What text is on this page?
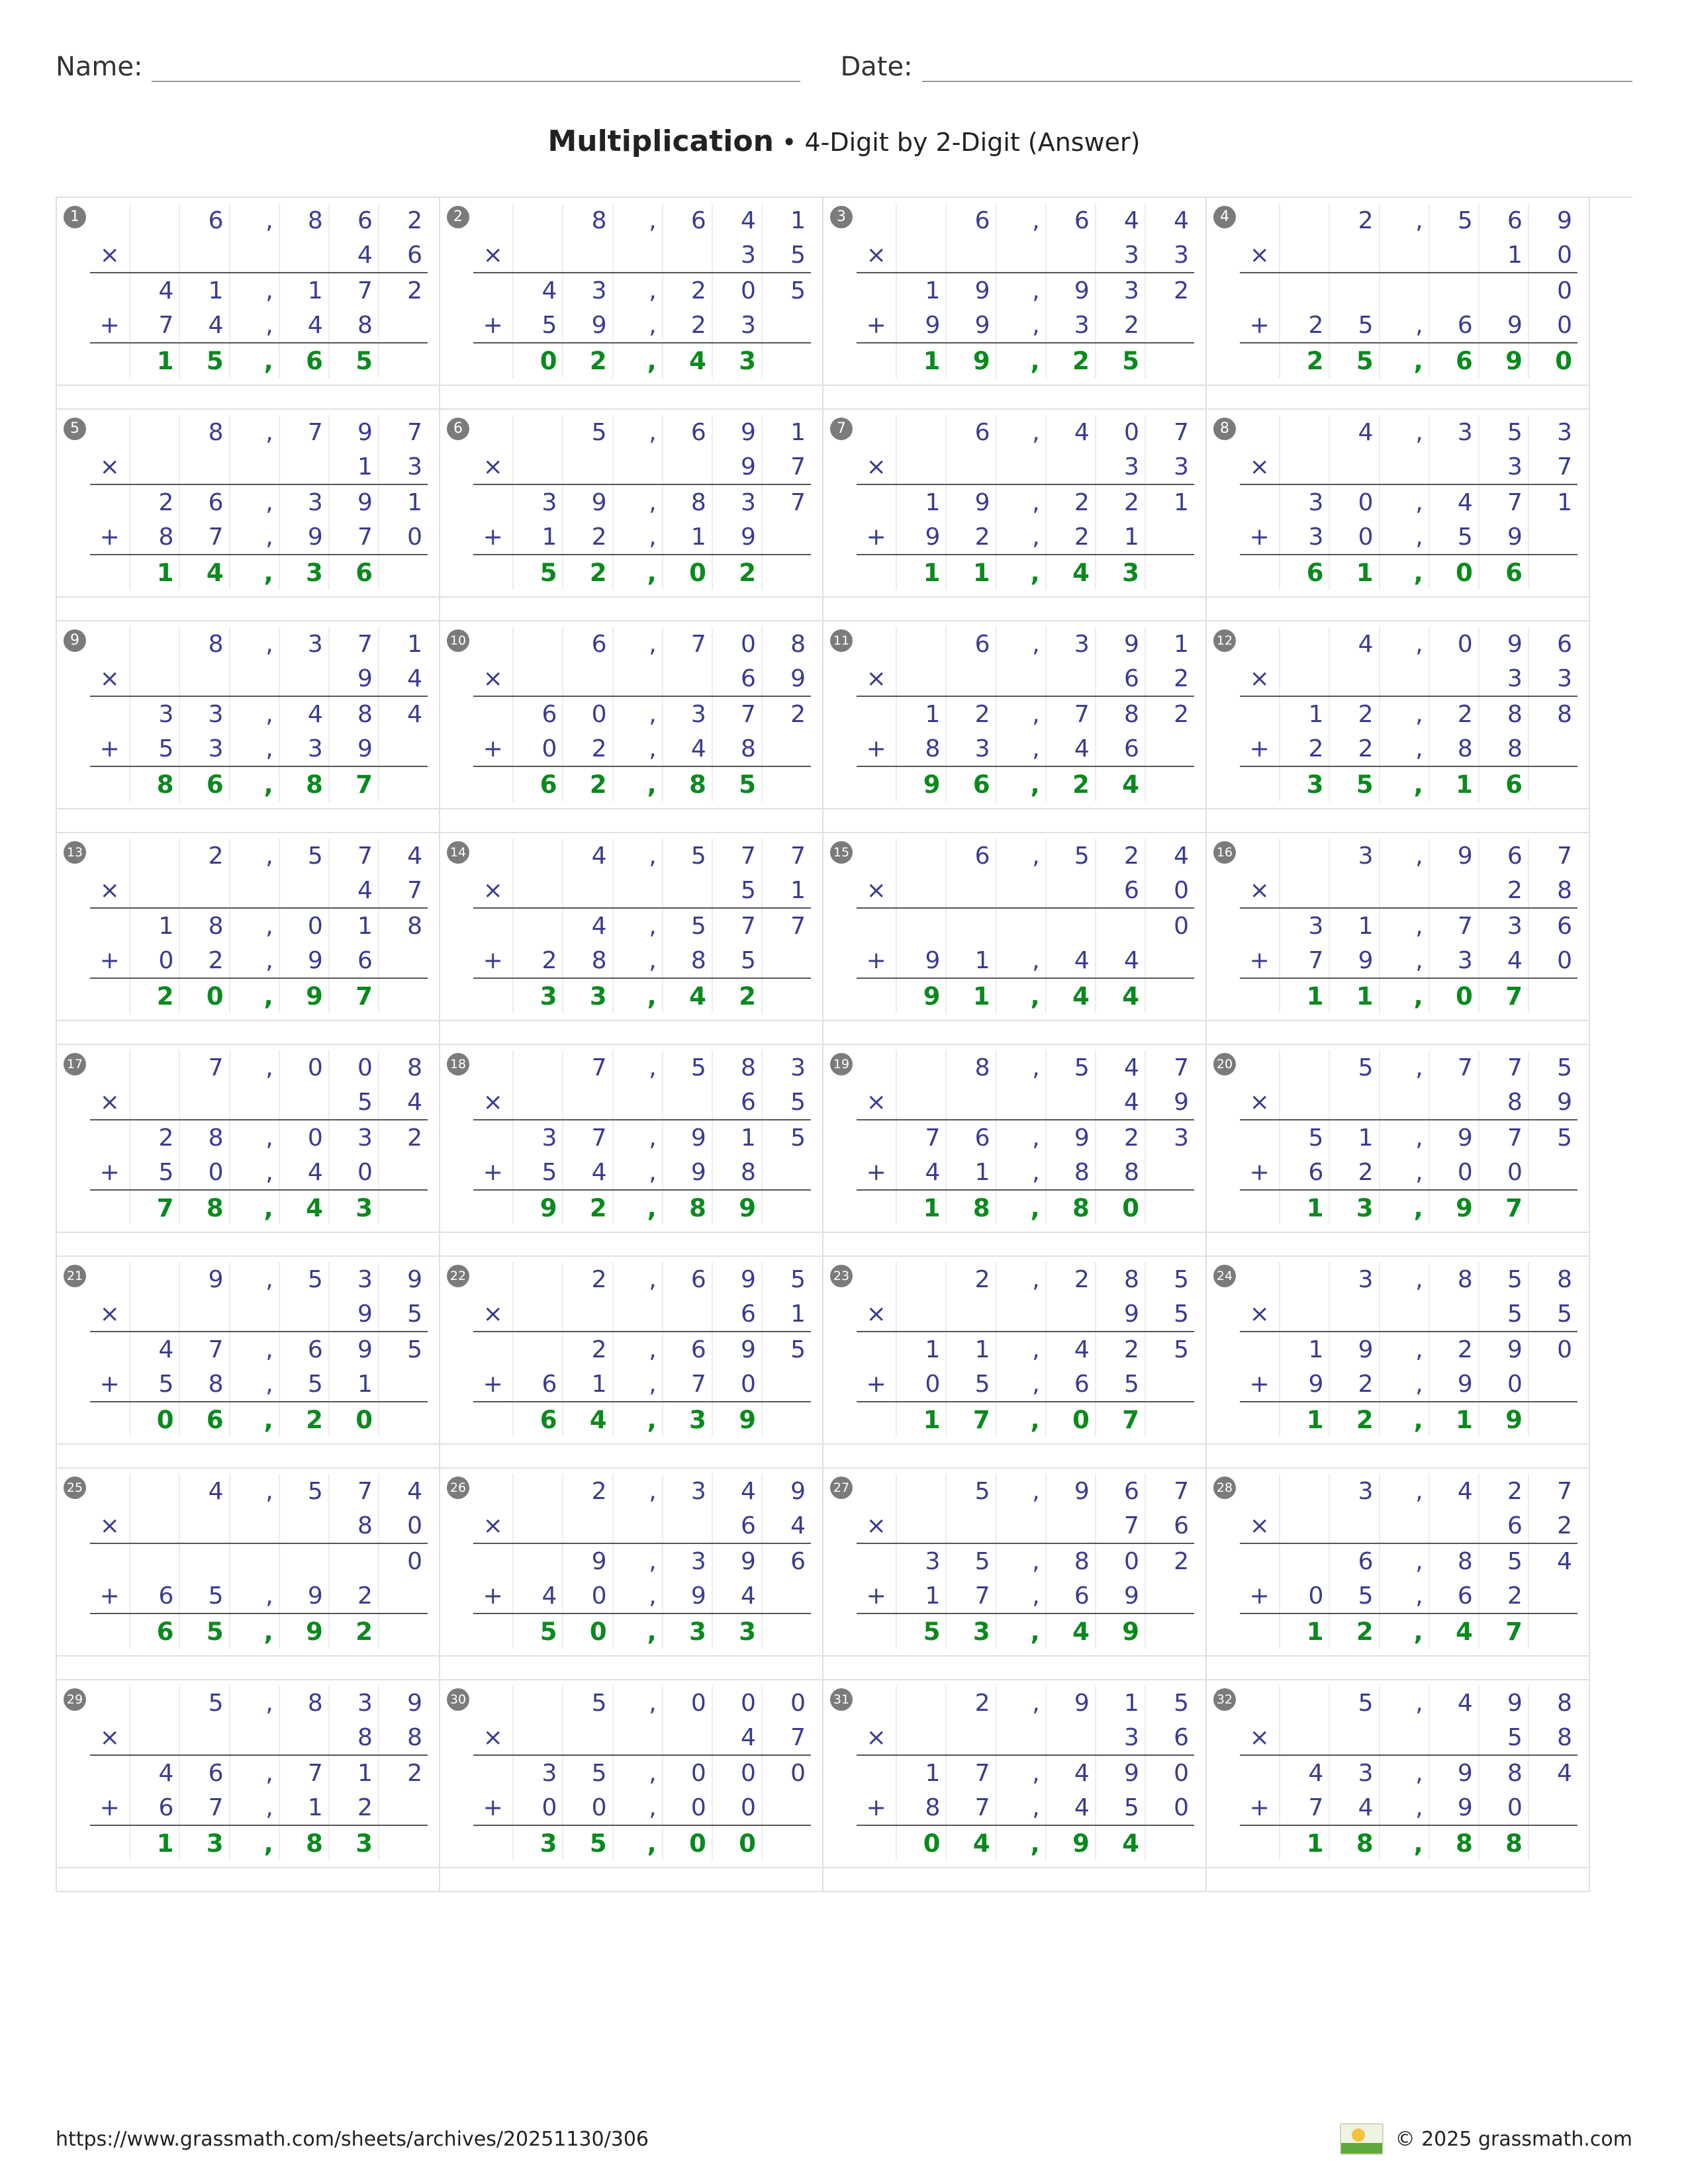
Name:	Date:
Multiplication • 4-Digit by 2-Digit (Answer)
1
			6	,	8	6	2
×					4	6
	4	1	,	1	7	2
+	7	4	,	4	8	
	1	5	,	6	5	
2
			8	,	6	4	1
×					3	5
	4	3	,	2	0	5
+	5	9	,	2	3	
	0	2	,	4	3	
3
			6	,	6	4	4
×					3	3
	1	9	,	9	3	2
+	9	9	,	3	2	
	1	9	,	2	5	
4
			2	,	5	6	9
×					1	0
						0
+	2	5	,	6	9	0
	2	5	,	6	9	0
5
			8	,	7	9	7
×					1	3
	2	6	,	3	9	1
+	8	7	,	9	7	0
	1	4	,	3	6	
6
			5	,	6	9	1
×					9	7
	3	9	,	8	3	7
+	1	2	,	1	9	
	5	2	,	0	2	
7
			6	,	4	0	7
×					3	3
	1	9	,	2	2	1
+	9	2	,	2	1	
	1	1	,	4	3	
8
			4	,	3	5	3
×					3	7
	3	0	,	4	7	1
+	3	0	,	5	9	
	6	1	,	0	6	
9
			8	,	3	7	1
×					9	4
	3	3	,	4	8	4
+	5	3	,	3	9	
	8	6	,	8	7	
10
			6	,	7	0	8
×					6	9
	6	0	,	3	7	2
+	0	2	,	4	8	
	6	2	,	8	5	
11
			6	,	3	9	1
×					6	2
	1	2	,	7	8	2
+	8	3	,	4	6	
	9	6	,	2	4	
12
			4	,	0	9	6
×					3	3
	1	2	,	2	8	8
+	2	2	,	8	8	
	3	5	,	1	6	
13
			2	,	5	7	4
×					4	7
	1	8	,	0	1	8
+	0	2	,	9	6	
	2	0	,	9	7	
14
			4	,	5	7	7
×					5	1
		4	,	5	7	7
+	2	8	,	8	5	
	3	3	,	4	2	
15
			6	,	5	2	4
×					6	0
						0
+	9	1	,	4	4	
	9	1	,	4	4	
16
			3	,	9	6	7
×					2	8
	3	1	,	7	3	6
+	7	9	,	3	4	0
	1	1	,	0	7	
17
			7	,	0	0	8
×					5	4
	2	8	,	0	3	2
+	5	0	,	4	0	
	7	8	,	4	3	
18
			7	,	5	8	3
×					6	5
	3	7	,	9	1	5
+	5	4	,	9	8	
	9	2	,	8	9	
19
			8	,	5	4	7
×					4	9
	7	6	,	9	2	3
+	4	1	,	8	8	
	1	8	,	8	0	
20
			5	,	7	7	5
×					8	9
	5	1	,	9	7	5
+	6	2	,	0	0	
	1	3	,	9	7	
21
			9	,	5	3	9
×					9	5
	4	7	,	6	9	5
+	5	8	,	5	1	
	0	6	,	2	0	
22
			2	,	6	9	5
×					6	1
		2	,	6	9	5
+	6	1	,	7	0	
	6	4	,	3	9	
23
			2	,	2	8	5
×					9	5
	1	1	,	4	2	5
+	0	5	,	6	5	
	1	7	,	0	7	
24
			3	,	8	5	8
×					5	5
	1	9	,	2	9	0
+	9	2	,	9	0	
	1	2	,	1	9	
25
			4	,	5	7	4
×					8	0
						0
+	6	5	,	9	2	
	6	5	,	9	2	
26
			2	,	3	4	9
×					6	4
		9	,	3	9	6
+	4	0	,	9	4	
	5	0	,	3	3	
27
			5	,	9	6	7
×					7	6
	3	5	,	8	0	2
+	1	7	,	6	9	
	5	3	,	4	9	
28
			3	,	4	2	7
×					6	2
		6	,	8	5	4
+	0	5	,	6	2	
	1	2	,	4	7	
29
			5	,	8	3	9
×					8	8
	4	6	,	7	1	2
+	6	7	,	1	2	
	1	3	,	8	3	
30
			5	,	0	0	0
×					4	7
	3	5	,	0	0	0
+	0	0	,	0	0	
	3	5	,	0	0	
31
			2	,	9	1	5
×					3	6
	1	7	,	4	9	0
+	8	7	,	4	5	0
	0	4	,	9	4	
32
			5	,	4	9	8
×					5	8
	4	3	,	9	8	4
+	7	4	,	9	0	
	1	8	,	8	8	
https://www.grassmath.com/sheets/archives/20251130/306	© 2025 grassmath.com
